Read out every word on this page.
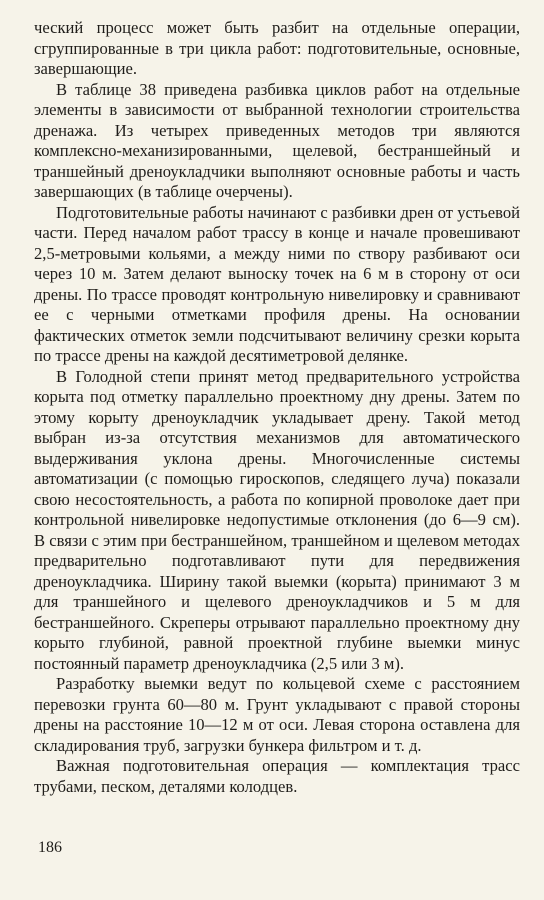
ческий процесс может быть разбит на отдельные операции, сгруппированные в три цикла работ: подготовительные, основные, завершающие.

В таблице 38 приведена разбивка циклов работ на отдельные элементы в зависимости от выбранной технологии строительства дренажа. Из четырех приведенных методов три являются комплексно-механизированными, щелевой, бестраншейный и траншейный дреноукладчики выполняют основные работы и часть завершающих (в таблице очерчены).

Подготовительные работы начинают с разбивки дрен от устьевой части. Перед началом работ трассу в конце и начале провешивают 2,5-метровыми кольями, а между ними по створу разбивают оси через 10 м. Затем делают выноску точек на 6 м в сторону от оси дрены. По трассе проводят контрольную нивелировку и сравнивают ее с черными отметками профиля дрены. На основании фактических отметок земли подсчитывают величину срезки корыта по трассе дрены на каждой десятиметровой делянке.

В Голодной степи принят метод предварительного устройства корыта под отметку параллельно проектному дну дрены. Затем по этому корыту дреноукладчик укладывает дрену. Такой метод выбран из-за отсутствия механизмов для автоматического выдерживания уклона дрены. Многочисленные системы автоматизации (с помощью гироскопов, следящего луча) показали свою несостоятельность, а работа по копирной проволоке дает при контрольной нивелировке недопустимые отклонения (до 6—9 см). В связи с этим при бестраншейном, траншейном и щелевом методах предварительно подготавливают пути для передвижения дреноукладчика. Ширину такой выемки (корыта) принимают 3 м для траншейного и щелевого дреноукладчиков и 5 м для бестраншейного. Скреперы отрывают параллельно проектному дну корыто глубиной, равной проектной глубине выемки минус постоянный параметр дреноукладчика (2,5 или 3 м).

Разработку выемки ведут по кольцевой схеме с расстоянием перевозки грунта 60—80 м. Грунт укладывают с правой стороны дрены на расстояние 10—12 м от оси. Левая сторона оставлена для складирования труб, загрузки бункера фильтром и т. д.

Важная подготовительная операция — комплектация трасс трубами, песком, деталями колодцев.

186
